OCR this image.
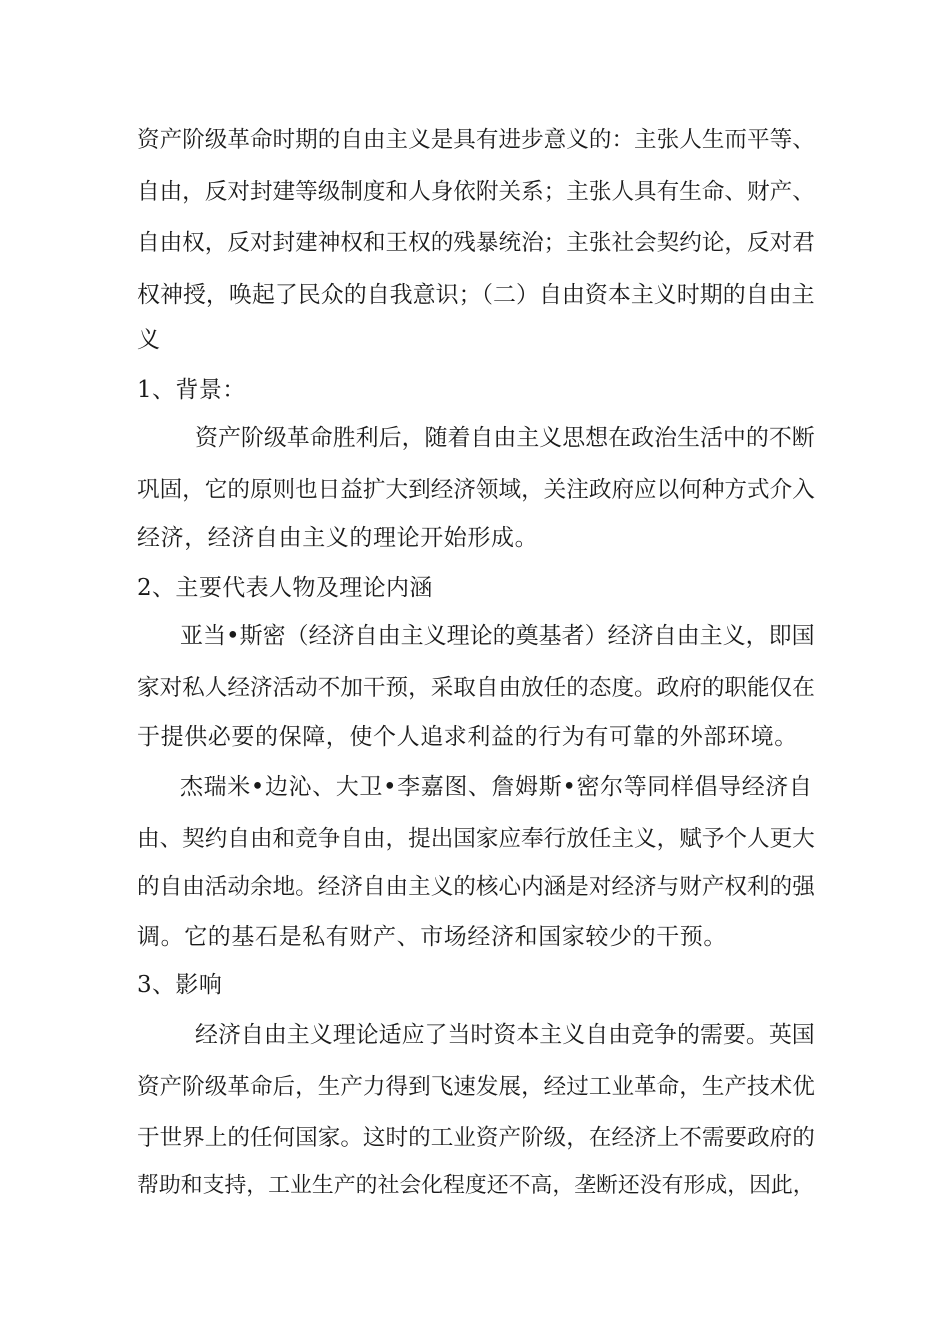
资产阶级革命时期的自由主义是具有进步意义的：主张人生而平等、
自由，反对封建等级制度和人身依附关系；主张人具有生命、财产、
自由权，反对封建神权和王权的残暴统治；主张社会契约论，反对君
权神授，唤起了民众的自我意识；（二）自由资本主义时期的自由主
义
1、背景：
资产阶级革命胜利后，随着自由主义思想在政治生活中的不断
巩固，它的原则也日益扩大到经济领域，关注政府应以何种方式介入
经济，经济自由主义的理论开始形成。
2、主要代表人物及理论内涵
亚当•斯密（经济自由主义理论的奠基者）经济自由主义，即国
家对私人经济活动不加干预，采取自由放任的态度。政府的职能仅在
于提供必要的保障，使个人追求利益的行为有可靠的外部环境。
杰瑞米•边沁、大卫•李嘉图、詹姆斯•密尔等同样倡导经济自
由、契约自由和竞争自由，提出国家应奉行放任主义，赋予个人更大
的自由活动余地。经济自由主义的核心内涵是对经济与财产权利的强
调。它的基石是私有财产、市场经济和国家较少的干预。
3、影响
经济自由主义理论适应了当时资本主义自由竞争的需要。英国
资产阶级革命后，生产力得到飞速发展，经过工业革命，生产技术优
于世界上的任何国家。这时的工业资产阶级，在经济上不需要政府的
帮助和支持，工业生产的社会化程度还不高，垄断还没有形成，因此，
